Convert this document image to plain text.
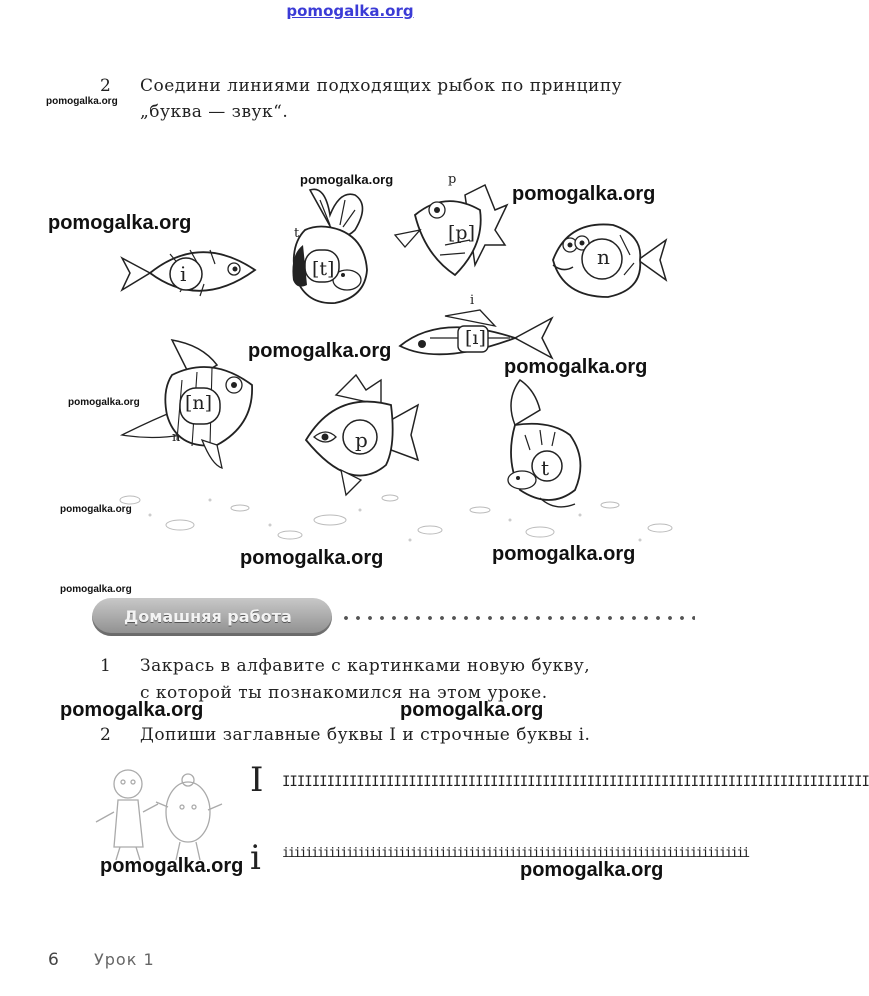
pomogalka.org
2 Соедини линиями подходящих рыбок по принципу
„буква — звук“.
pomogalka.org
pomogalka.org
pomogalka.org
pomogalka.org
pomogalka.org
pomogalka.org
pomogalka.org
pomogalka.org
pomogalka.org	pomogalka.org
pomogalka.org
pomogalka.org	pomogalka.org
pomogalka.org	pomogalka.org
i	[t]
t	[p]
p
n
[ı]
i
[n]
n	p
t
Домашняя работа
1 Закрась в алфавите с картинками новую букву,
с которой ты познакомился на этом уроке.
2 Допиши заглавные буквы I и строчные буквы i.
I IIIIIIIIIIIIIIIIIIIIIIIIIIIIIIIIIIIIIIIIIIIIIIIIIIIIIIIIIIIIIIIIIIIIIIIIIIIIIII
i iiiiiiiiiiiiiiiiiiiiiiiiiiiiiiiiiiiiiiiiiiiiiiiiiiiiiiiiiiiiiiiiiiiiiiiiiiiiiiii
6 Урок 1
